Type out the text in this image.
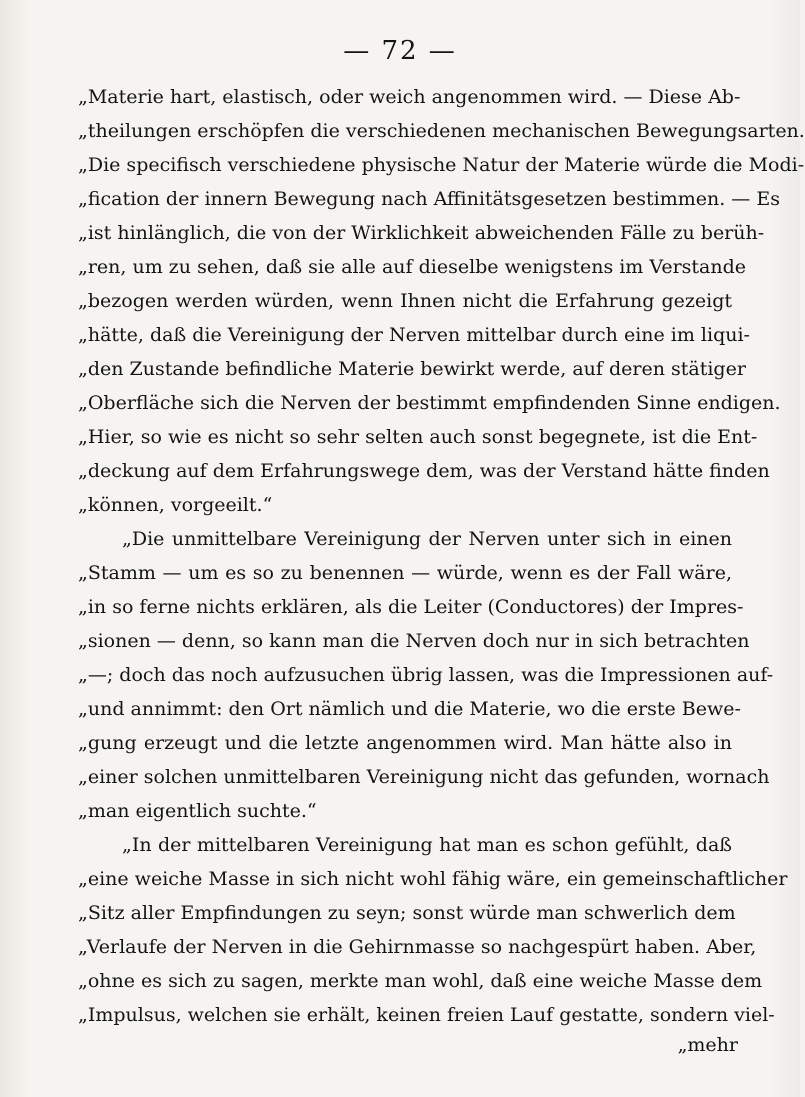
— 72 —
„Materie hart, elastisch, oder weich angenommen wird. — Diese Ab-
„theilungen erschöpfen die verschiedenen mechanischen Bewegungsarten.
„Die specifisch verschiedene physische Natur der Materie würde die Modi-
„fication der innern Bewegung nach Affinitätsgesetzen bestimmen. — Es
„ist hinlänglich, die von der Wirklichkeit abweichenden Fälle zu berüh-
„ren, um zu sehen, daß sie alle auf dieselbe wenigstens im Verstande
„bezogen werden würden, wenn Ihnen nicht die Erfahrung gezeigt
„hätte, daß die Vereinigung der Nerven mittelbar durch eine im liqui-
„den Zustande befindliche Materie bewirkt werde, auf deren stätiger
„Oberfläche sich die Nerven der bestimmt empfindenden Sinne endigen.
„Hier, so wie es nicht so sehr selten auch sonst begegnete, ist die Ent-
„deckung auf dem Erfahrungswege dem, was der Verstand hätte finden
„können, vorgeeilt.“
„Die unmittelbare Vereinigung der Nerven unter sich in einen
„Stamm — um es so zu benennen — würde, wenn es der Fall wäre,
„in so ferne nichts erklären, als die Leiter (Conductores) der Impres-
„sionen — denn, so kann man die Nerven doch nur in sich betrachten
„—; doch das noch aufzusuchen übrig lassen, was die Impressionen auf-
„und annimmt: den Ort nämlich und die Materie, wo die erste Bewe-
„gung erzeugt und die letzte angenommen wird. Man hätte also in
„einer solchen unmittelbaren Vereinigung nicht das gefunden, wornach
„man eigentlich suchte.“
„In der mittelbaren Vereinigung hat man es schon gefühlt, daß
„eine weiche Masse in sich nicht wohl fähig wäre, ein gemeinschaftlicher
„Sitz aller Empfindungen zu seyn; sonst würde man schwerlich dem
„Verlaufe der Nerven in die Gehirnmasse so nachgespürt haben. Aber,
„ohne es sich zu sagen, merkte man wohl, daß eine weiche Masse dem
„Impulsus, welchen sie erhält, keinen freien Lauf gestatte, sondern viel-
„mehr
